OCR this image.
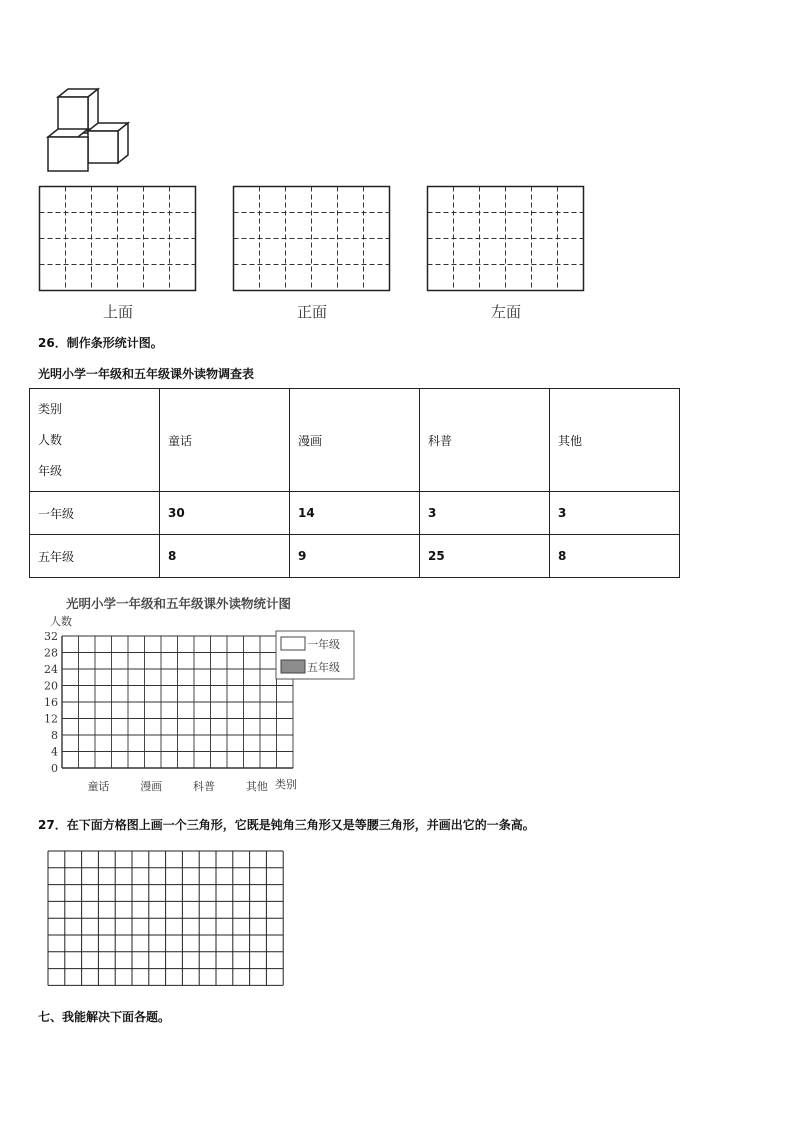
上面	正面	左面
26．制作条形统计图。
光明小学一年级和五年级课外读物调查表
类别
人数
年级	童话	漫画	科普	其他
一年级	30	14	3	3
五年级	8	9	25	8
光明小学一年级和五年级课外读物统计图
人数
类别
32
28
24
20
16
12
8
4
0
童话	漫画	科普	其他
一年级
五年级
27．在下面方格图上画一个三角形，它既是钝角三角形又是等腰三角形，并画出它的一条高。
七、我能解决下面各题。
